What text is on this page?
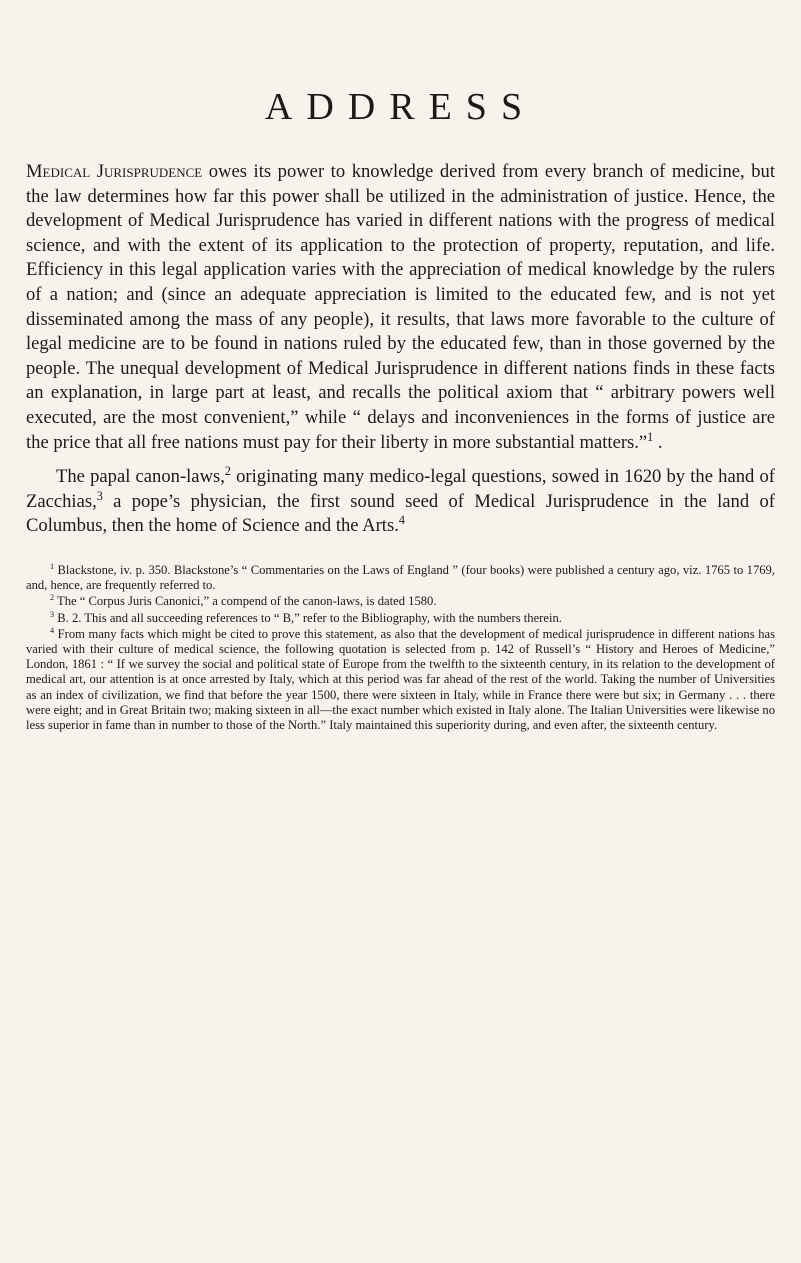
ADDRESS

Medical Jurisprudence owes its power to knowledge derived from every branch of medicine, but the law determines how far this power shall be utilized in the administration of justice. Hence, the development of Medical Jurisprudence has varied in different nations with the progress of medical science, and with the extent of its application to the protection of property, reputation, and life. Efficiency in this legal application varies with the appreciation of medical knowledge by the rulers of a nation; and (since an adequate appreciation is limited to the educated few, and is not yet disseminated among the mass of any people), it results, that laws more favorable to the culture of legal medicine are to be found in nations ruled by the educated few, than in those governed by the people. The unequal development of Medical Jurisprudence in different nations finds in these facts an explanation, in large part at least, and recalls the political axiom that “ arbitrary powers well executed, are the most convenient,” while “ delays and inconveniences in the forms of justice are the price that all free nations must pay for their liberty in more substantial matters.”$^1$ .

The papal canon-laws,$^2$ originating many medico-legal questions, sowed in 1620 by the hand of Zacchias,$^3$ a pope’s physician, the first sound seed of Medical Jurisprudence in the land of Columbus, then the home of Science and the Arts.$^4$

$^1$ Blackstone, iv. p. 350. Blackstone’s “ Commentaries on the Laws of England ” (four books) were published a century ago, viz. 1765 to 1769, and, hence, are frequently referred to.

$^2$ The “ Corpus Juris Canonici,” a compend of the canon-laws, is dated 1580.

$^3$ B. 2. This and all succeeding references to “ B,” refer to the Bibliography, with the numbers therein.

$^4$ From many facts which might be cited to prove this statement, as also that the development of medical jurisprudence in different nations has varied with their culture of medical science, the following quotation is selected from p. 142 of Russell’s “ History and Heroes of Medicine,” London, 1861 : “ If we survey the social and political state of Europe from the twelfth to the sixteenth century, in its relation to the development of medical art, our attention is at once arrested by Italy, which at this period was far ahead of the rest of the world. Taking the number of Universities as an index of civilization, we find that before the year 1500, there were sixteen in Italy, while in France there were but six; in Germany . . . there were eight; and in Great Britain two; making sixteen in all—the exact number which existed in Italy alone. The Italian Universities were likewise no less superior in fame than in number to those of the North.” Italy maintained this superiority during, and even after, the sixteenth century.
